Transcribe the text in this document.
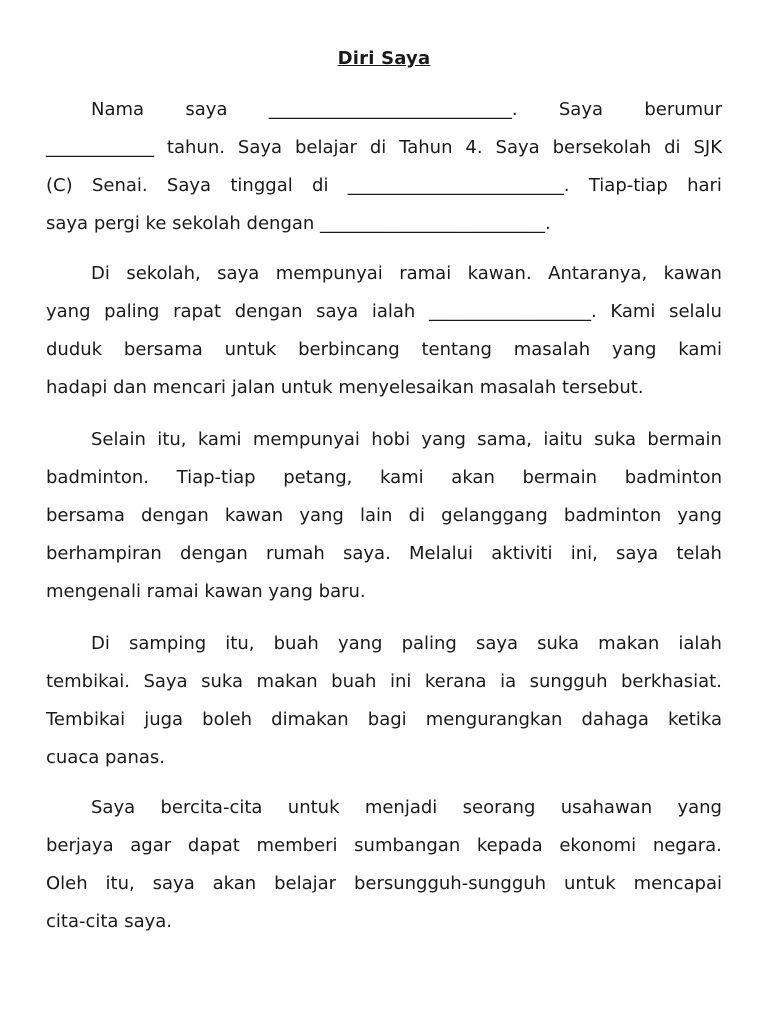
Diri Saya
Nama saya ___________________________. Saya berumur
____________ tahun. Saya belajar di Tahun 4. Saya bersekolah di SJK
(C) Senai. Saya tinggal di ________________________. Tiap-tiap hari
saya pergi ke sekolah dengan _________________________.
Di sekolah, saya mempunyai ramai kawan. Antaranya, kawan
yang paling rapat dengan saya ialah __________________. Kami selalu
duduk bersama untuk berbincang tentang masalah yang kami
hadapi dan mencari jalan untuk menyelesaikan masalah tersebut.
Selain itu, kami mempunyai hobi yang sama, iaitu suka bermain
badminton. Tiap-tiap petang, kami akan bermain badminton
bersama dengan kawan yang lain di gelanggang badminton yang
berhampiran dengan rumah saya. Melalui aktiviti ini, saya telah
mengenali ramai kawan yang baru.
Di samping itu, buah yang paling saya suka makan ialah
tembikai. Saya suka makan buah ini kerana ia sungguh berkhasiat.
Tembikai juga boleh dimakan bagi mengurangkan dahaga ketika
cuaca panas.
Saya bercita-cita untuk menjadi seorang usahawan yang
berjaya agar dapat memberi sumbangan kepada ekonomi negara.
Oleh itu, saya akan belajar bersungguh-sungguh untuk mencapai
cita-cita saya.
